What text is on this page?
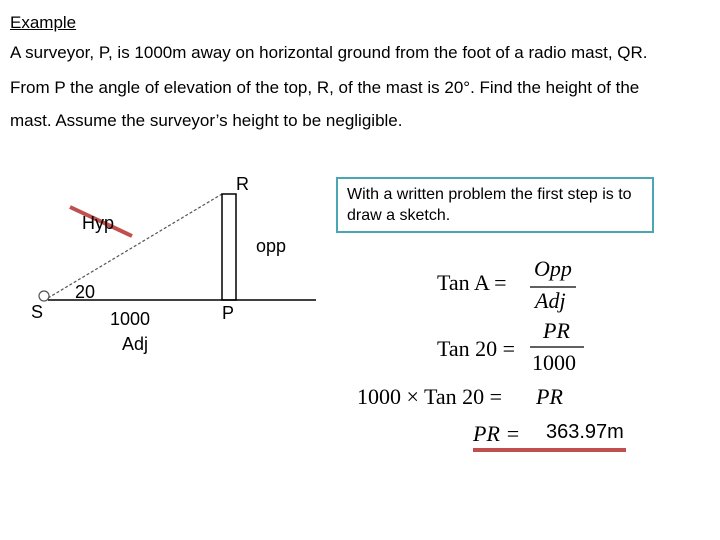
Example
A surveyor, P, is 1000m away on horizontal ground from the foot of a radio mast, QR.
From P the angle of elevation of the top, R, of the mast is 20°. Find the height of the
mast. Assume the surveyor’s height to be negligible.
R
Hyp
opp
20
S	1000
Adj
P
With a written problem the first step is to draw a sketch.
Tan A =
Opp
Adj
Tan 20 =
PR
1000
1000 × Tan 20 = PR
PR = 363.97m
